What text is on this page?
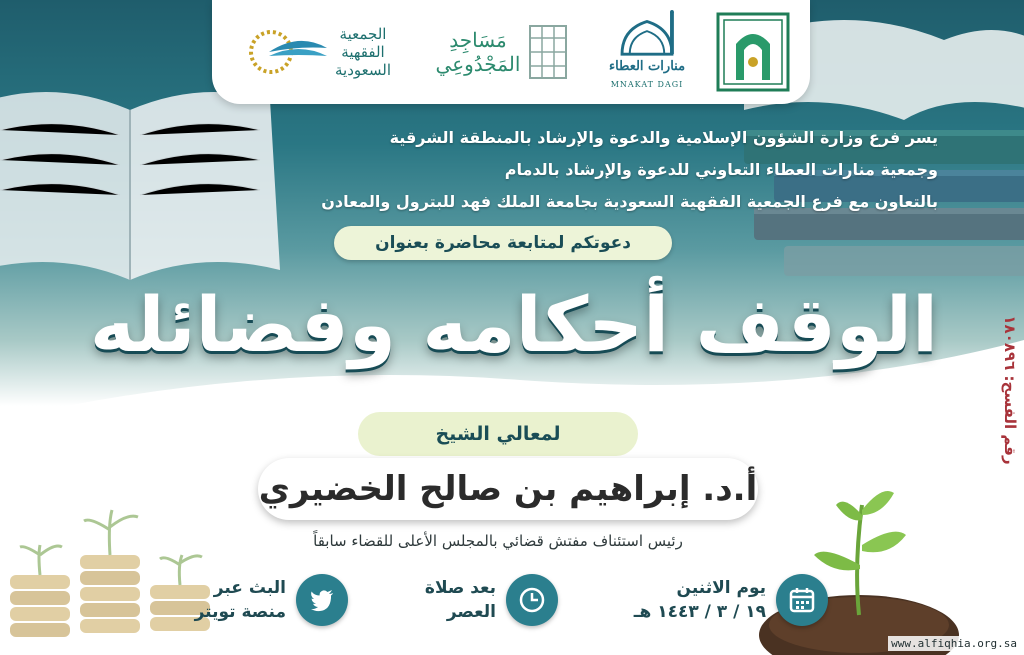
منارات العطاء
MNAKAT DAGI
مَسَاجِدِ
المَجْدُوعِي
الجمعية
الفقهية
السعودية
يسر فرع وزارة الشؤون الإسلامية والدعوة والإرشاد بالمنطقة الشرقية
وجمعية منارات العطاء التعاوني للدعوة والإرشاد بالدمام
بالتعاون مع فرع الجمعية الفقهية السعودية بجامعة الملك فهد للبترول والمعادن
دعوتكم لمتابعة محاضرة بعنوان
الوقف أحكامه وفضائله
لمعالي الشيخ
أ.د. إبراهيم بن صالح الخضيري
رئيس استئناف مفتش قضائي بالمجلس الأعلى للقضاء سابقاً
يوم الاثنين
١٩ / ٣ / ١٤٤٣ هـ
بعد صلاة
العصر
البث عبر
منصة تويتر
رقم الفسح: ١٨٠٨٩٦
www.alfiqhia.org.sa
